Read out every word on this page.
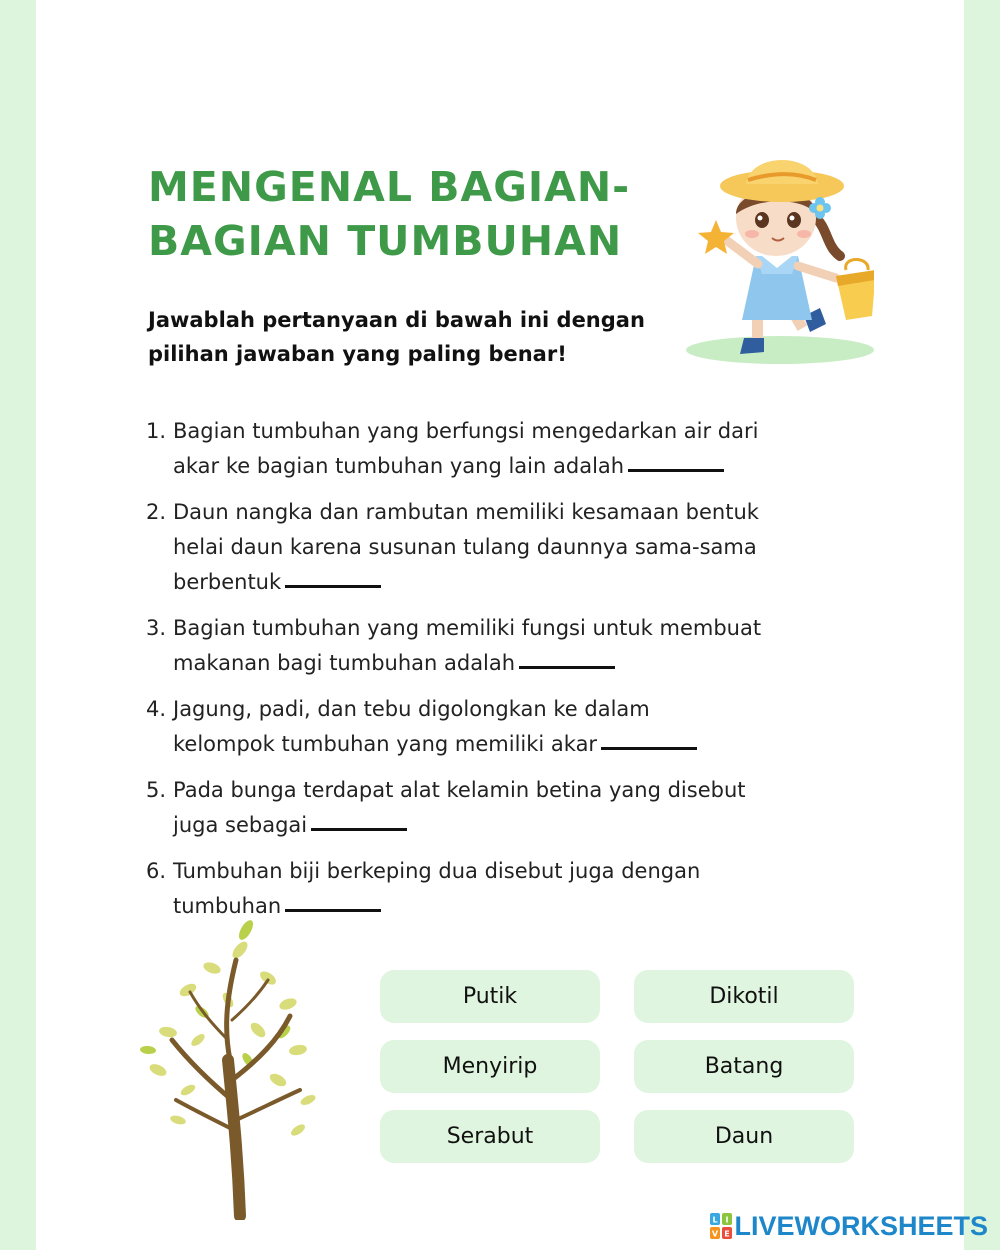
MENGENAL BAGIAN-
BAGIAN TUMBUHAN

Jawablah pertanyaan di bawah ini dengan
pilihan jawaban yang paling benar!

1. Bagian tumbuhan yang berfungsi mengedarkan air dari
akar ke bagian tumbuhan yang lain adalah
2. Daun nangka dan rambutan memiliki kesamaan bentuk
helai daun karena susunan tulang daunnya sama-sama
berbentuk
3. Bagian tumbuhan yang memiliki fungsi untuk membuat
makanan bagi tumbuhan adalah
4. Jagung, padi, dan tebu digolongkan ke dalam
kelompok tumbuhan yang memiliki akar
5. Pada bunga terdapat alat kelamin betina yang disebut
juga sebagai
6. Tumbuhan biji berkeping dua disebut juga dengan
tumbuhan
Putik	Dikotil
Menyirip	Batang
Serabut	Daun
L I
V E LIVEWORKSHEETS
